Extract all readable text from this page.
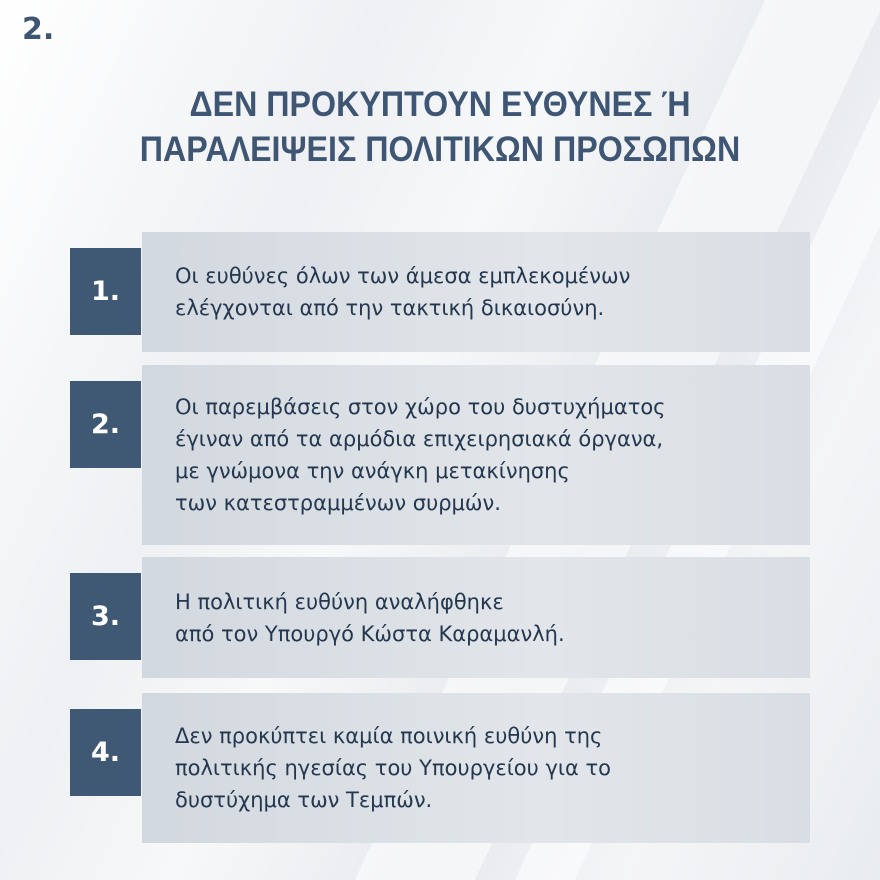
2.
ΔΕΝ ΠΡΟΚΥΠΤΟΥΝ ΕΥΘΥΝΕΣ Ή
ΠΑΡΑΛΕΙΨΕΙΣ ΠΟΛΙΤΙΚΩΝ ΠΡΟΣΩΠΩΝ
Οι ευθύνες όλων των άμεσα εμπλεκομένων
ελέγχονται από την τακτική δικαιοσύνη.
1.
Οι παρεμβάσεις στον χώρο του δυστυχήματος
έγιναν από τα αρμόδια επιχειρησιακά όργανα,
με γνώμονα την ανάγκη μετακίνησης
των κατεστραμμένων συρμών.
2.
Η πολιτική ευθύνη αναλήφθηκε
από τον Υπουργό Κώστα Καραμανλή.
3.
Δεν προκύπτει καμία ποινική ευθύνη της
πολιτικής ηγεσίας του Υπουργείου για το
δυστύχημα των Τεμπών.
4.
